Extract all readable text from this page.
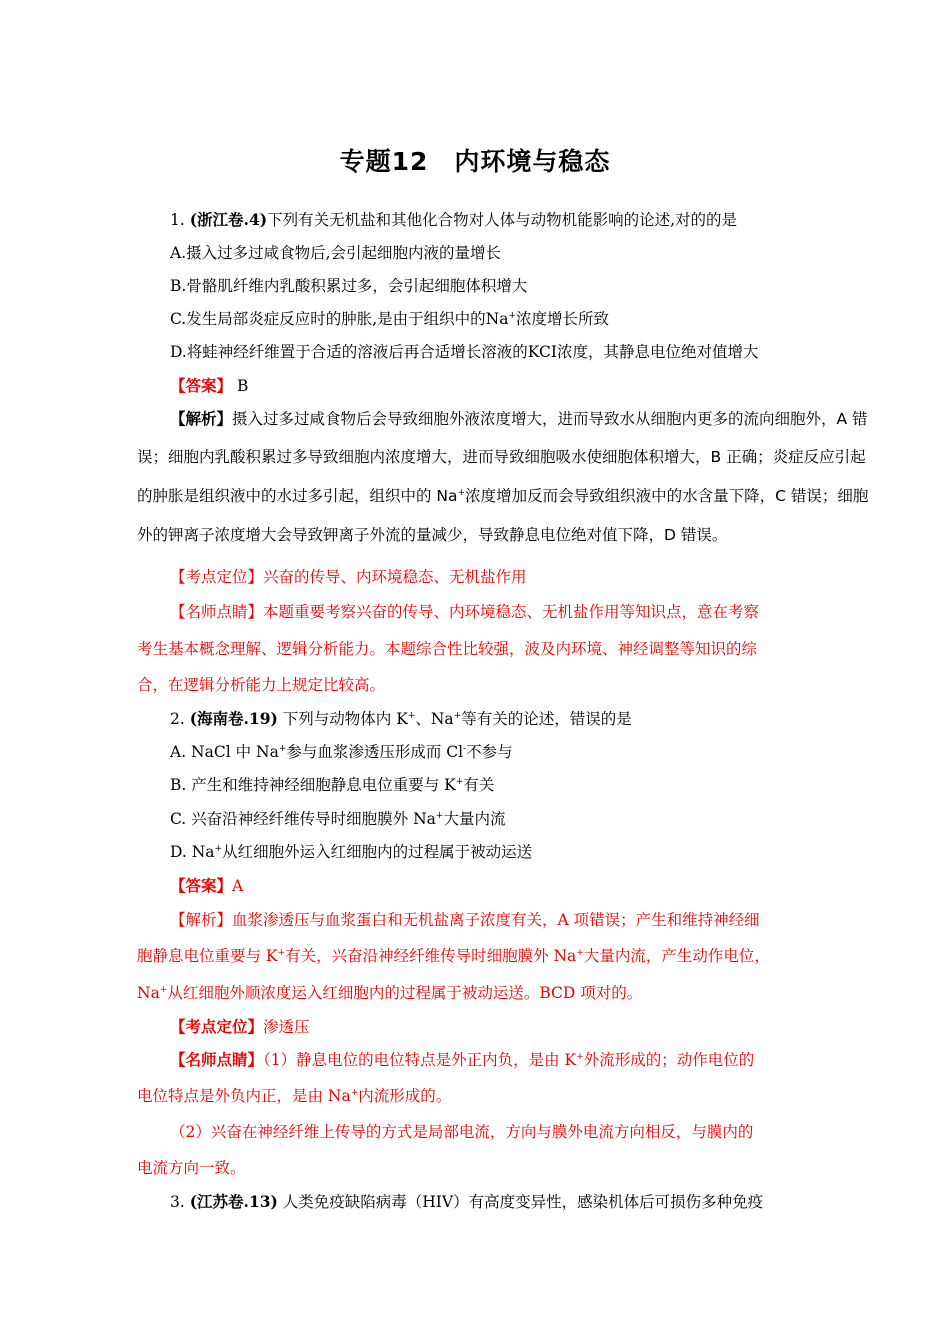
专题12　内环境与稳态
1. (浙江卷.4)下列有关无机盐和其他化合物对人体与动物机能影响的论述,对的的是
A.摄入过多过咸食物后,会引起细胞内液的量增长
B.骨骼肌纤维内乳酸积累过多，会引起细胞体积增大
C.发生局部炎症反应时的肿胀,是由于组织中的Na+浓度增长所致
D.将蛙神经纤维置于合适的溶液后再合适增长溶液的KCI浓度，其静息电位绝对值增大
【答案】 B
【解析】摄入过多过咸食物后会导致细胞外液浓度增大，进而导致水从细胞内更多的流向细胞外，A 错
误；细胞内乳酸积累过多导致细胞内浓度增大，进而导致细胞吸水使细胞体积增大，B 正确；炎症反应引起
的肿胀是组织液中的水过多引起，组织中的 Na+浓度增加反而会导致组织液中的水含量下降，C 错误；细胞
外的钾离子浓度增大会导致钾离子外流的量减少，导致静息电位绝对值下降，D 错误。
【考点定位】兴奋的传导、内环境稳态、无机盐作用
【名师点睛】本题重要考察兴奋的传导、内环境稳态、无机盐作用等知识点，意在考察
考生基本概念理解、逻辑分析能力。本题综合性比较强，波及内环境、神经调整等知识的综
合，在逻辑分析能力上规定比较高。
2. (海南卷.19) 下列与动物体内 K+、Na+等有关的论述，错误的是
A. NaCl 中 Na+参与血浆渗透压形成而 Cl-不参与
B. 产生和维持神经细胞静息电位重要与 K+有关
C. 兴奋沿神经纤维传导时细胞膜外 Na+大量内流
D. Na+从红细胞外运入红细胞内的过程属于被动运送
【答案】A
【解析】血浆渗透压与血浆蛋白和无机盐离子浓度有关，A 项错误；产生和维持神经细
胞静息电位重要与 K+有关，兴奋沿神经纤维传导时细胞膜外 Na+大量内流，产生动作电位，
Na+从红细胞外顺浓度运入红细胞内的过程属于被动运送。BCD 项对的。
【考点定位】渗透压
【名师点睛】（1）静息电位的电位特点是外正内负，是由 K+外流形成的；动作电位的
电位特点是外负内正，是由 Na+内流形成的。
（2）兴奋在神经纤维上传导的方式是局部电流，方向与膜外电流方向相反，与膜内的
电流方向一致。
3. (江苏卷.13) 人类免疫缺陷病毒（HIV）有高度变异性，感染机体后可损伤多种免疫
